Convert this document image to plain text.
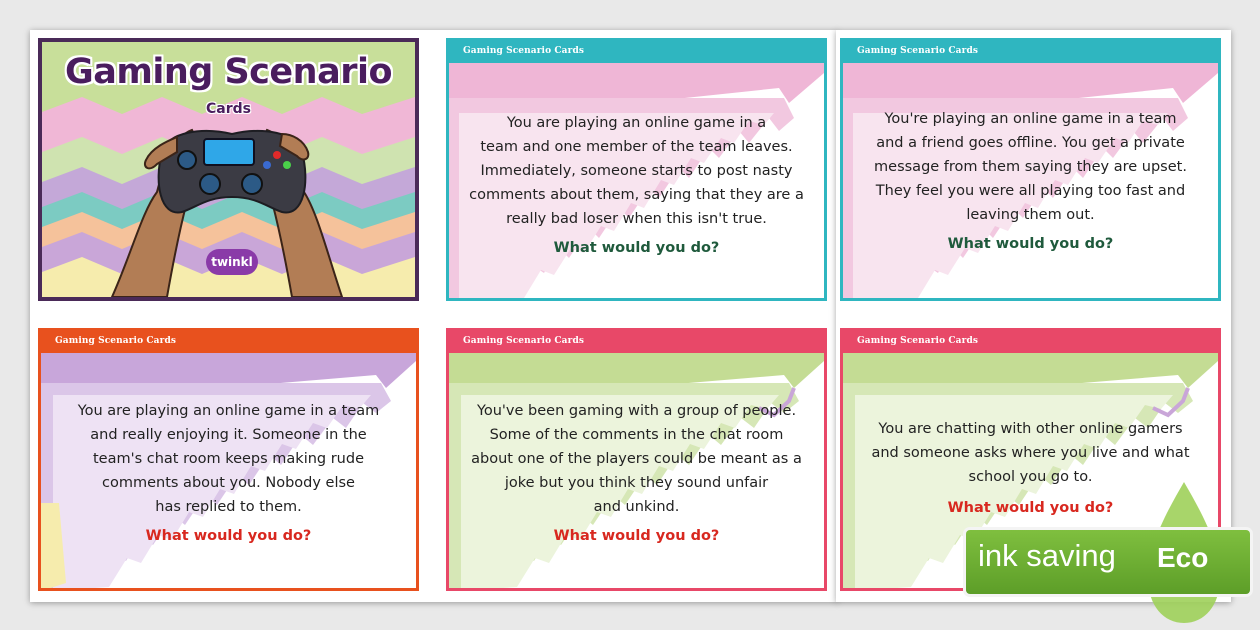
Gaming Scenario
Cards
twinkl
Gaming Scenario Cards
You are playing an online game in a
team and one member of the team leaves.
Immediately, someone starts to post nasty
comments about them, saying that they are a
really bad loser when this isn't true.
What would you do?
Gaming Scenario Cards
You're playing an online game in a team
and a friend goes offline. You get a private
message from them saying they are upset.
They feel you were all playing too fast and
leaving them out.
What would you do?
Gaming Scenario Cards
You are playing an online game in a team
and really enjoying it. Someone in the
team's chat room keeps making rude
comments about you. Nobody else
has replied to them.
What would you do?
Gaming Scenario Cards
You've been gaming with a group of people.
Some of the comments in the chat room
about one of the players could be meant as a
joke but you think they sound unfair
and unkind.
What would you do?
Gaming Scenario Cards
You are chatting with other online gamers
and someone asks where you live and what
school you go to.
What would you do?
ink saving Eco
